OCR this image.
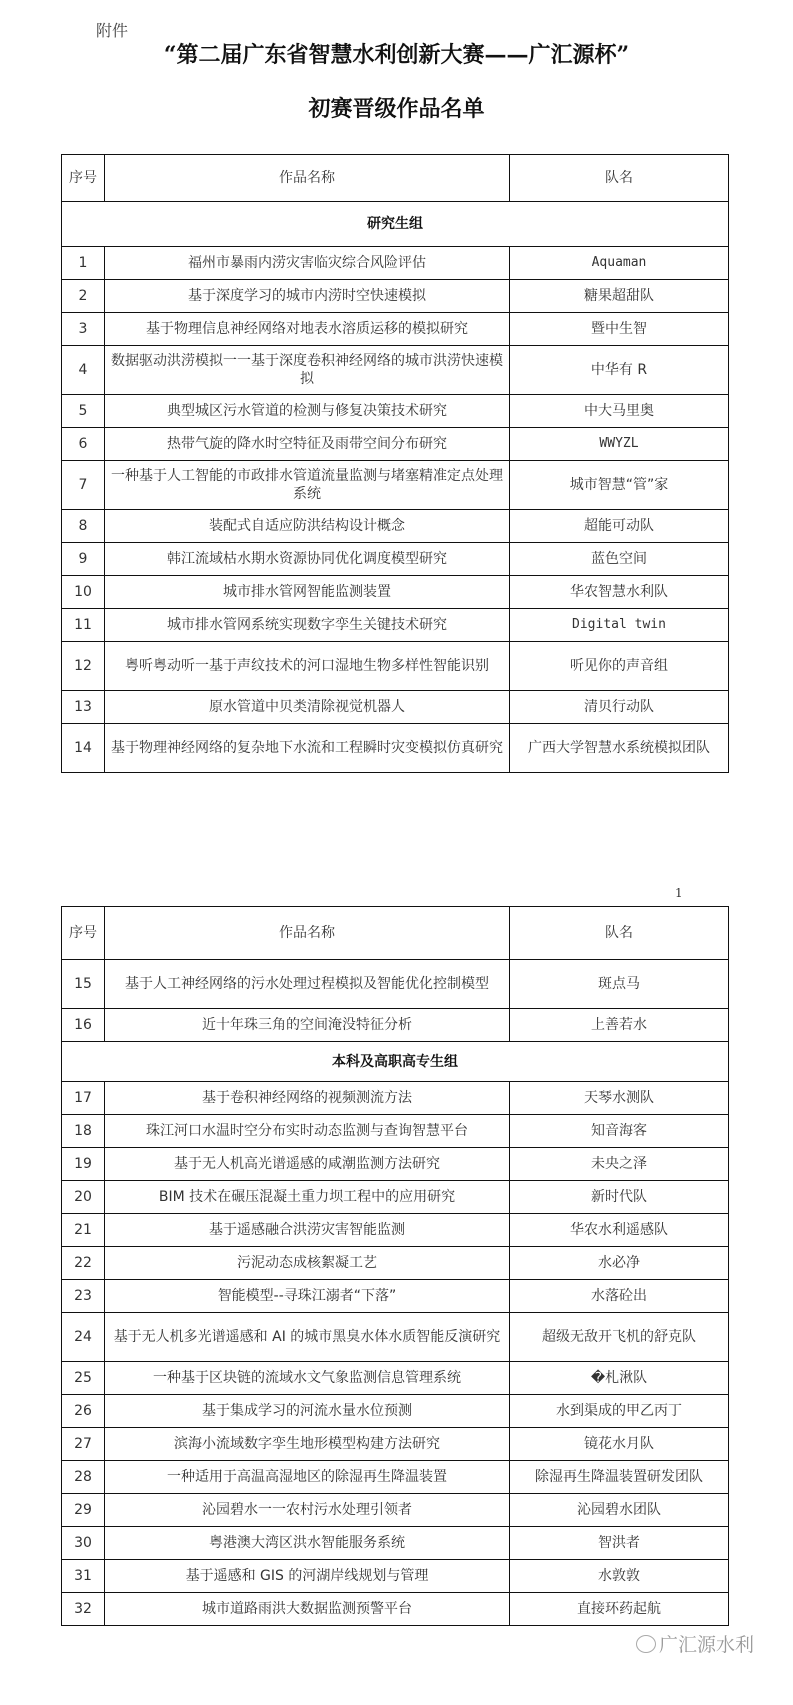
附件
“第二届广东省智慧水利创新大赛——广汇源杯”
初赛晋级作品名单
序号	作品名称	队名
研究生组		
1	福州市暴雨内涝灾害临灾综合风险评估	Aquaman
2	基于深度学习的城市内涝时空快速模拟	糖果超甜队
3	基于物理信息神经网络对地表水溶质运移的模拟研究	暨中生智
4	数据驱动洪涝模拟一一基于深度卷积神经网络的城市洪涝快速模拟	中华有 R
5	典型城区污水管道的检测与修复决策技术研究	中大马里奥
6	热带气旋的降水时空特征及雨带空间分布研究	WWYZL
7	一种基于人工智能的市政排水管道流量监测与堵塞精准定点处理系统	城市智慧“管”家
8	装配式自适应防洪结构设计概念	超能可动队
9	韩江流域枯水期水资源协同优化调度模型研究	蓝色空间
10	城市排水管网智能监测装置	华农智慧水利队
11	城市排水管网系统实现数字孪生关键技术研究	Digital twin
12	粤听粤动听一基于声纹技术的河口湿地生物多样性智能识别	听见你的声音组
13	原水管道中贝类清除视觉机器人	清贝行动队
14	基于物理神经网络的复杂地下水流和工程瞬时灾变模拟仿真研究	广西大学智慧水系统模拟团队
1
序号	作品名称	队名
15	基于人工神经网络的污水处理过程模拟及智能优化控制模型	斑点马
16	近十年珠三角的空间淹没特征分析	上善若水
本科及高职高专生组		
17	基于卷积神经网络的视频测流方法	天琴水测队
18	珠江河口水温时空分布实时动态监测与查询智慧平台	知音海客
19	基于无人机高光谱遥感的咸潮监测方法研究	未央之泽
20	BIM 技术在碾压混凝土重力坝工程中的应用研究	新时代队
21	基于遥感融合洪涝灾害智能监测	华农水利遥感队
22	污泥动态成核絮凝工艺	水必净
23	智能模型--寻珠江溺者“下落”	水落砼出
24	基于无人机多光谱遥感和 AI 的城市黑臭水体水质智能反演研究	超级无敌开飞机的舒克队
25	一种基于区块链的流域水文气象监测信息管理系统	�札湫队
26	基于集成学习的河流水量水位预测	水到渠成的甲乙丙丁
27	滨海小流域数字孪生地形模型构建方法研究	镜花水月队
28	一种适用于高温高湿地区的除湿再生降温装置	除湿再生降温装置研发团队
29	沁园碧水一一农村污水处理引领者	沁园碧水团队
30	粤港澳大湾区洪水智能服务系统	智洪者
31	基于遥感和 GIS 的河湖岸线规划与管理	水敦敦
32	城市道路雨洪大数据监测预警平台	直接环药起航
广汇源水利
